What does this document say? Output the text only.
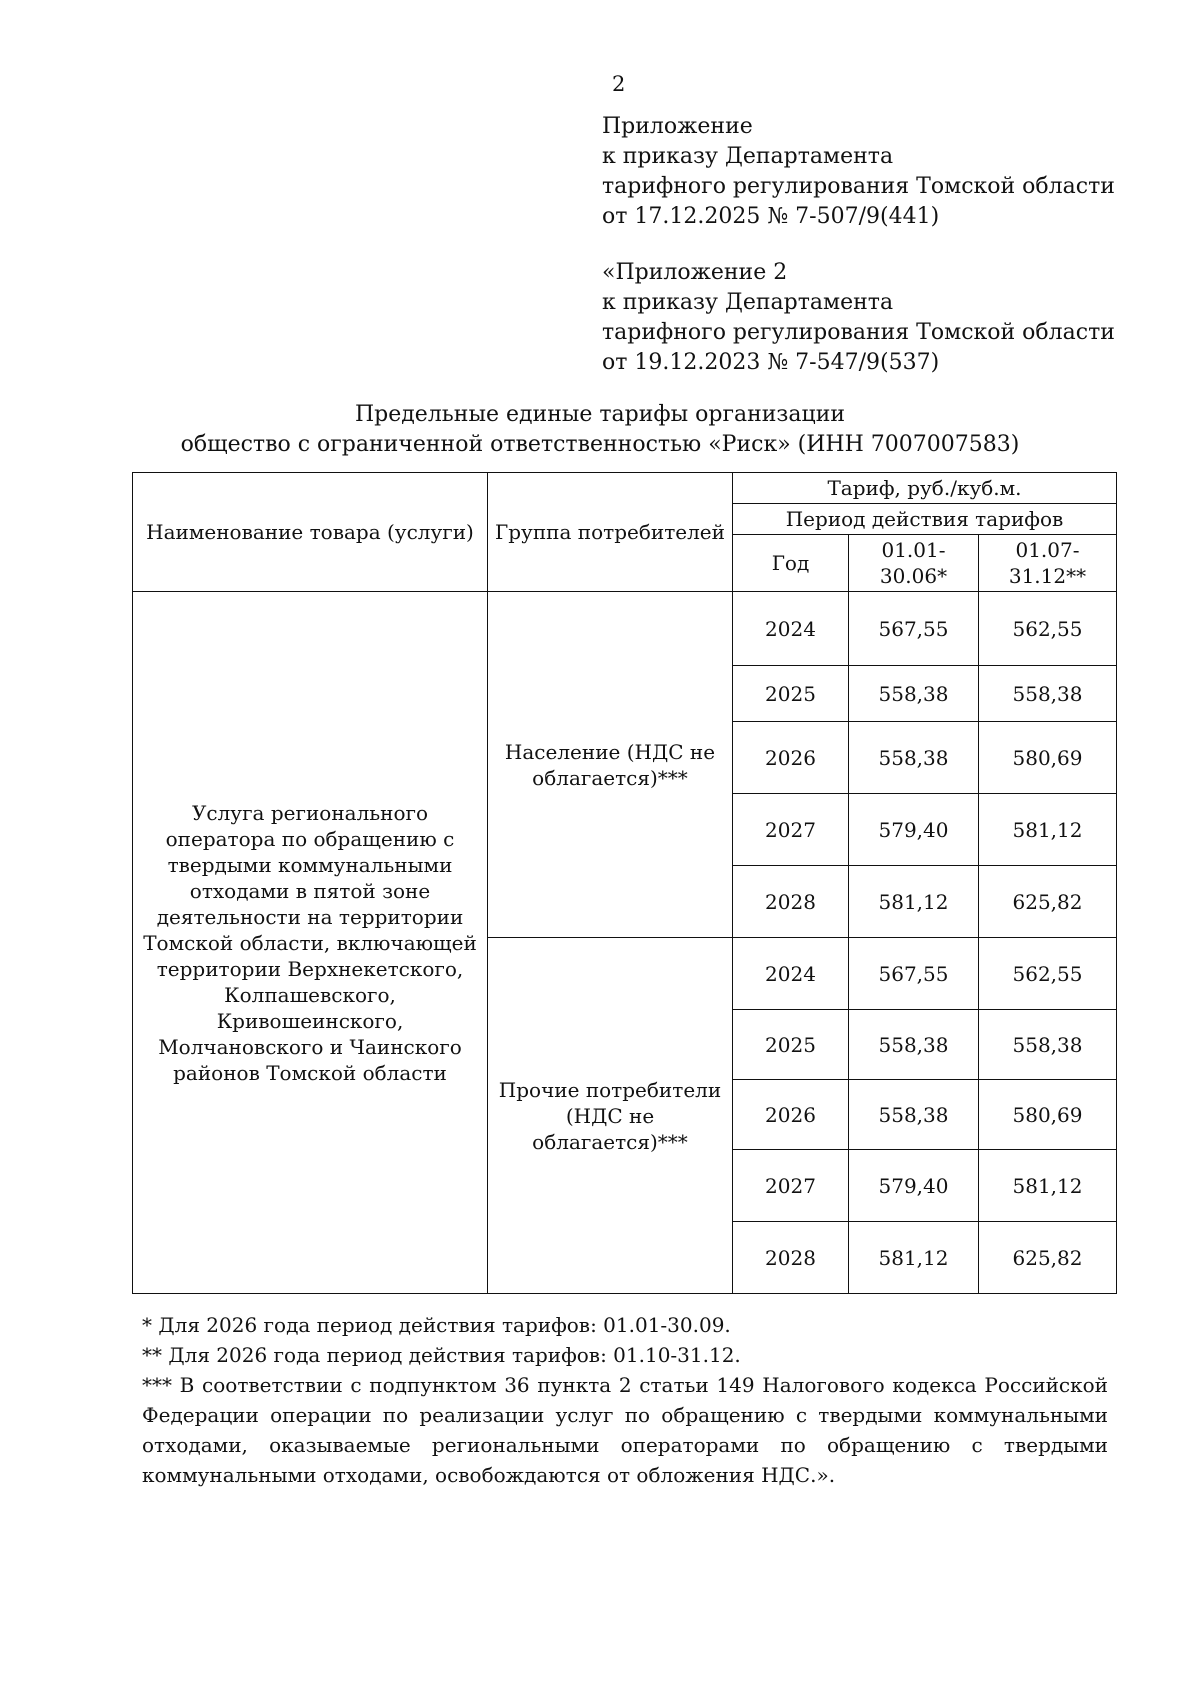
2
Приложение
к приказу Департамента
тарифного регулирования Томской области
от 17.12.2025 № 7-507/9(441)
«Приложение 2
к приказу Департамента
тарифного регулирования Томской области
от 19.12.2023 № 7-547/9(537)
Предельные единые тарифы организации
общество с ограниченной ответственностью «Риск» (ИНН 7007007583)
Наименование товара (услуги)	Группа потребителей	Тариф, руб./куб.м.		
		Период действия тарифов		
		Год	01.01-30.06*	01.07-31.12**
Услуга регионального оператора по обращению с твердыми коммунальными отходами в пятой зоне деятельности на территории Томской области, включающей территории Верхнекетского, Колпашевского, Кривошеинского, Молчановского и Чаинского районов Томской области	Население (НДС не облагается)***	2024	567,55	562,55
		2025	558,38	558,38
		2026	558,38	580,69
		2027	579,40	581,12
		2028	581,12	625,82
	Прочие потребители (НДС не облагается)***	2024	567,55	562,55
		2025	558,38	558,38
		2026	558,38	580,69
		2027	579,40	581,12
		2028	581,12	625,82

* Для 2026 года период действия тарифов: 01.01-30.09.

** Для 2026 года период действия тарифов: 01.10-31.12.

*** В соответствии с подпунктом 36 пункта 2 статьи 149 Налогового кодекса Российской Федерации операции по реализации услуг по обращению с твердыми коммунальными отходами, оказываемые региональными операторами по обращению с твердыми коммунальными отходами, освобождаются от обложения НДС.».
